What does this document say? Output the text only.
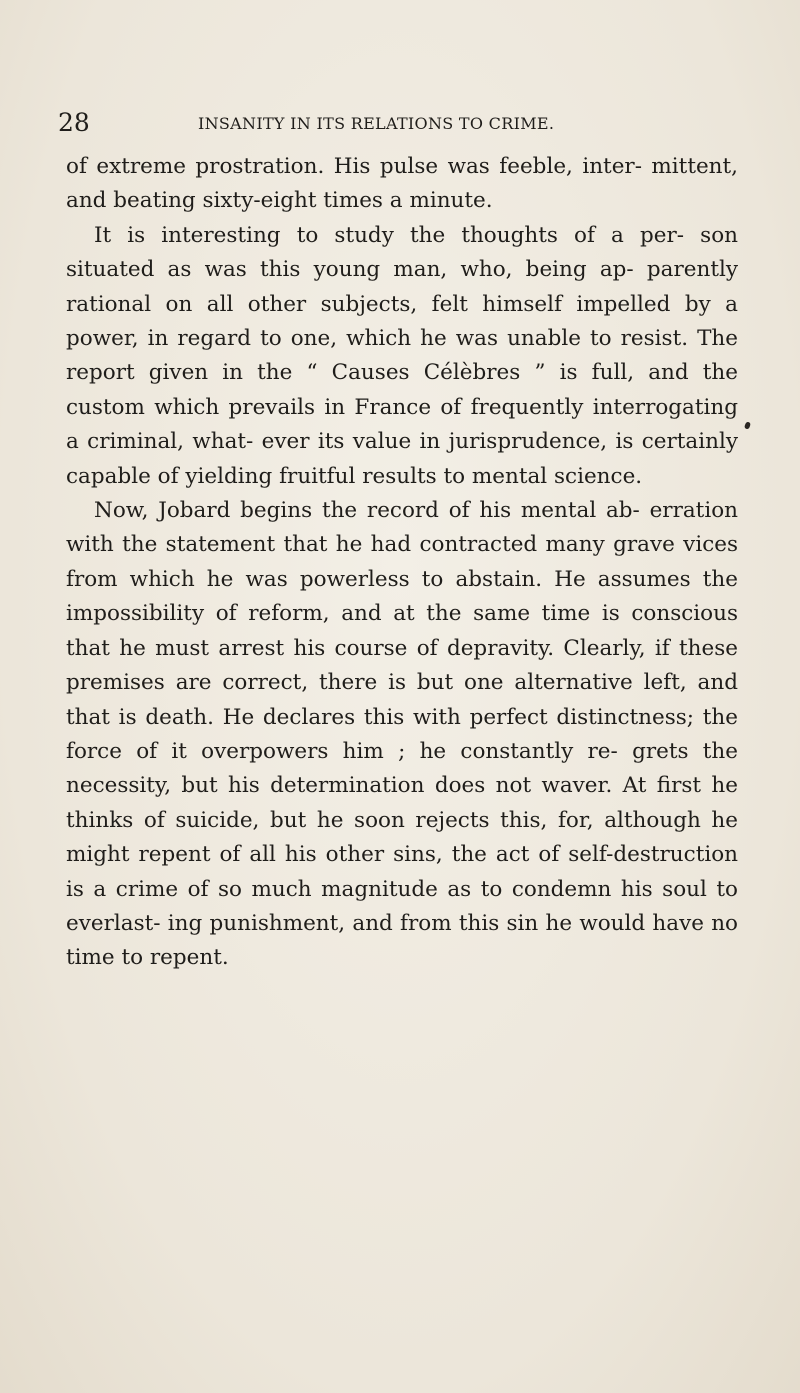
28	INSANITY IN ITS RELATIONS TO CRIME.

of extreme prostration. His pulse was feeble, inter- mittent, and beating sixty-eight times a minute.

It is interesting to study the thoughts of a per- son situated as was this young man, who, being ap- parently rational on all other subjects, felt himself impelled by a power, in regard to one, which he was unable to resist. The report given in the “ Causes Célèbres ” is full, and the custom which prevails in France of frequently interrogating a criminal, what- ever its value in jurisprudence, is certainly capable of yielding fruitful results to mental science.

Now, Jobard begins the record of his mental ab- erration with the statement that he had contracted many grave vices from which he was powerless to abstain. He assumes the impossibility of reform, and at the same time is conscious that he must arrest his course of depravity. Clearly, if these premises are correct, there is but one alternative left, and that is death. He declares this with perfect distinctness; the force of it overpowers him ; he constantly re- grets the necessity, but his determination does not waver. At first he thinks of suicide, but he soon rejects this, for, although he might repent of all his other sins, the act of self-destruction is a crime of so much magnitude as to condemn his soul to everlast- ing punishment, and from this sin he would have no time to repent.
